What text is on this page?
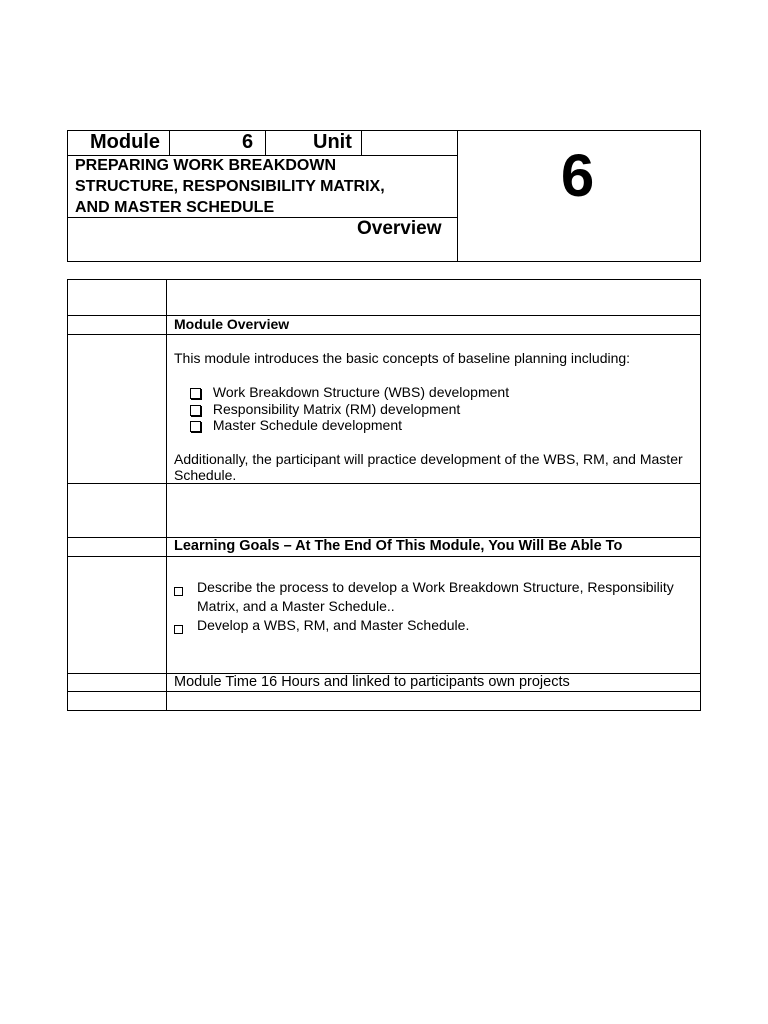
Module	6	Unit
PREPARING WORK BREAKDOWN
STRUCTURE, RESPONSIBILITY MATRIX,
AND MASTER SCHEDULE
Overview
6
Module Overview
This module introduces the basic concepts of baseline planning including:
Work Breakdown Structure (WBS) development
Responsibility Matrix (RM) development
Master Schedule development
Additionally, the participant will practice development of the WBS, RM, and Master
Schedule.
Learning Goals – At The End Of This Module, You Will Be Able To
Describe the process to develop a Work Breakdown Structure, Responsibility
Matrix, and a Master Schedule..
Develop a WBS, RM, and Master Schedule.
Module Time 16 Hours and linked to participants own projects
